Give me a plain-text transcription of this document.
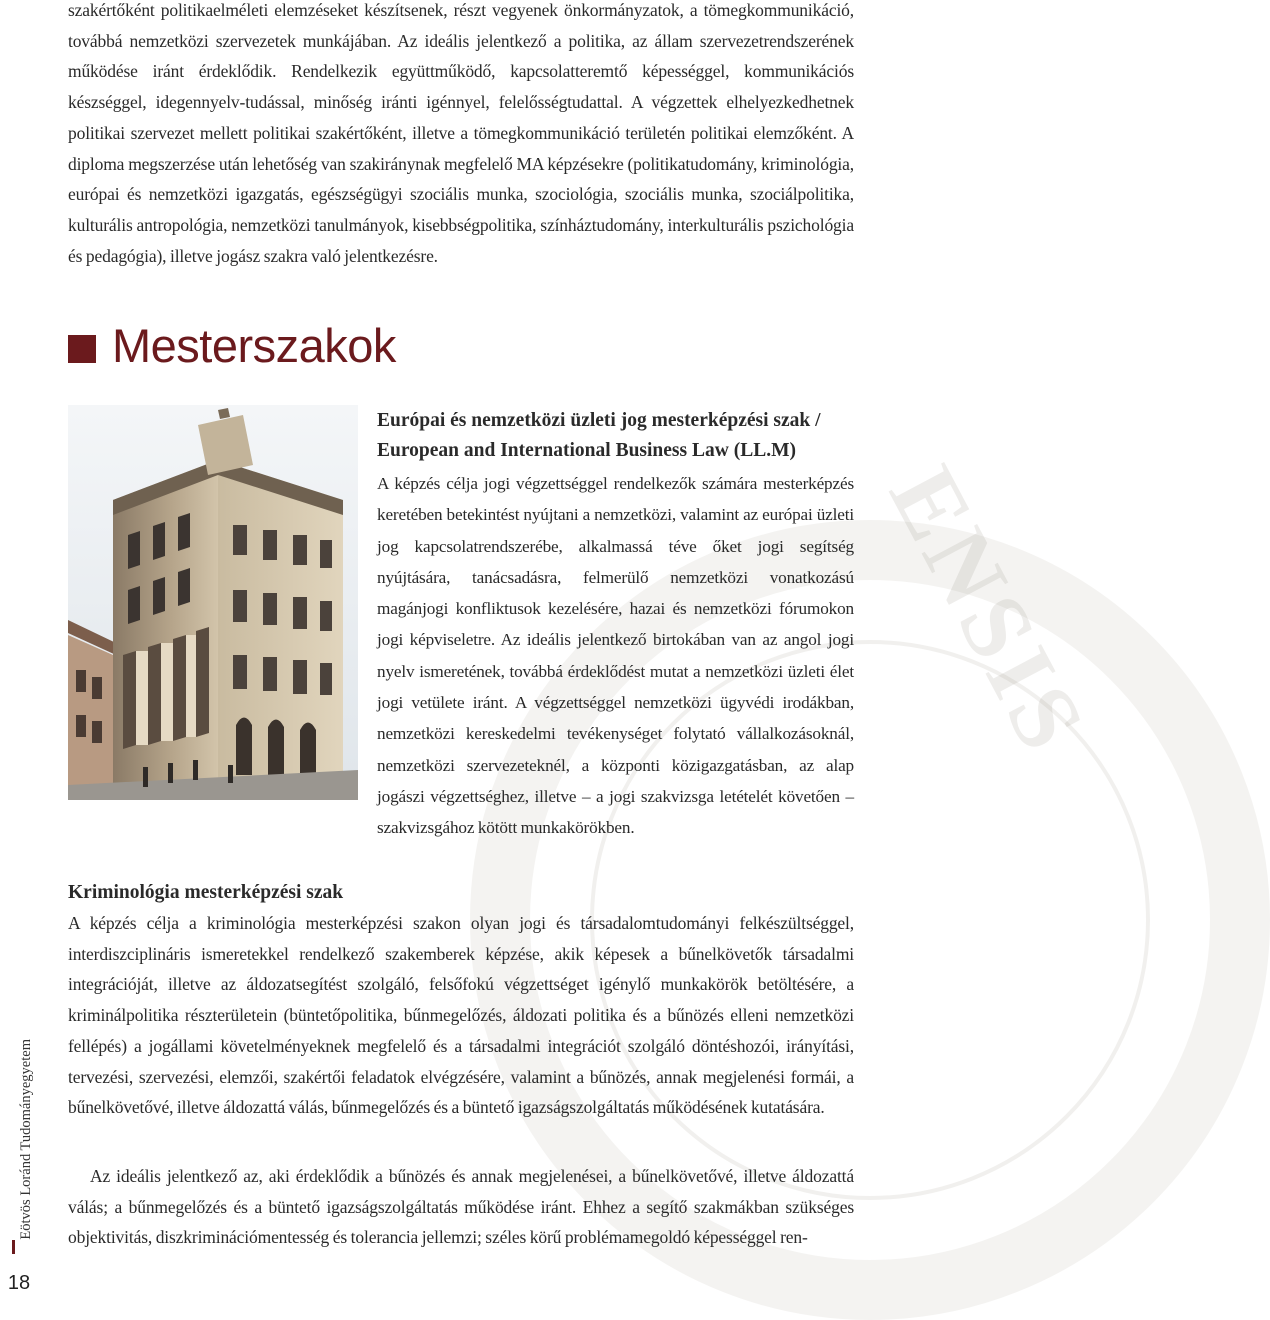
ENSIS

szakértőként politikaelméleti elemzéseket készítsenek, részt vegyenek önkormányzatok, a tömegkommunikáció, továbbá nemzetközi szervezetek munkájában. Az ideális jelentkező a politika, az állam szervezetrendszerének működése iránt érdeklődik. Rendelkezik együttműködő, kapcsolatteremtő képességgel, kommunikációs készséggel, idegennyelv-tudással, minőség iránti igénnyel, felelősségtudattal. A végzettek elhelyezkedhetnek politikai szervezet mellett politikai szakértőként, illetve a tömegkommunikáció területén politikai elemzőként. A diploma megszerzése után lehetőség van szakiránynak megfelelő MA képzésekre (politikatudomány, kriminológia, európai és nemzetközi igazgatás, egészségügyi szociális munka, szociológia, szociális munka, szociálpolitika, kulturális antropológia, nemzetközi tanulmányok, kisebbségpolitika, színháztudomány, interkulturális pszichológia és pedagógia), illetve jogász szakra való jelentkezésre.

Mesterszakok
Európai és nemzetközi üzleti jog mesterképzési szak / European and International Business Law (LL.M)

A képzés célja jogi végzettséggel rendelkezők számára mesterképzés keretében betekintést nyújtani a nemzetközi, valamint az európai üzleti jog kapcsolatrendszerébe, alkalmassá téve őket jogi segítség nyújtására, tanácsadásra, felmerülő nemzetközi vonatkozású magánjogi konfliktusok kezelésére, hazai és nemzetközi fórumokon jogi képviseletre. Az ideális jelentkező birtokában van az angol jogi nyelv ismeretének, továbbá érdeklődést mutat a nemzetközi üzleti élet jogi vetülete iránt. A végzettséggel nemzetközi ügyvédi irodákban, nemzetközi kereskedelmi tevékenységet folytató vállalkozásoknál, nemzetközi szervezeteknél, a központi közigazgatásban, az alap jogászi végzettséghez, illetve – a jogi szakvizsga letételét követően – szakvizsgához kötött munkakörökben.

Kriminológia mesterképzési szak

A képzés célja a kriminológia mesterképzési szakon olyan jogi és társadalomtudományi felkészültséggel, interdiszciplináris ismeretekkel rendelkező szakemberek képzése, akik képesek a bűnelkövetők társadalmi integrációját, illetve az áldozatsegítést szolgáló, felsőfokú végzettséget igénylő munkakörök betöltésére, a kriminálpolitika részterületein (büntetőpolitika, bűnmegelőzés, áldozati politika és a bűnözés elleni nemzetközi fellépés) a jogállami követelményeknek megfelelő és a társadalmi integrációt szolgáló döntéshozói, irányítási, tervezési, szervezési, elemzői, szakértői feladatok elvégzésére, valamint a bűnözés, annak megjelenési formái, a bűnelkövetővé, illetve áldozattá válás, bűnmegelőzés és a büntető igazságszolgáltatás működésének kutatására.

Az ideális jelentkező az, aki érdeklődik a bűnözés és annak megjelenései, a bűnelkövetővé, illetve áldozattá válás; a bűnmegelőzés és a büntető igazságszolgáltatás működése iránt. Ehhez a segítő szakmákban szükséges objektivitás, diszkriminációmentesség és tolerancia jellemzi; széles körű problémamegoldó képességgel ren-

Eötvös Loránd Tudományegyetem
18
